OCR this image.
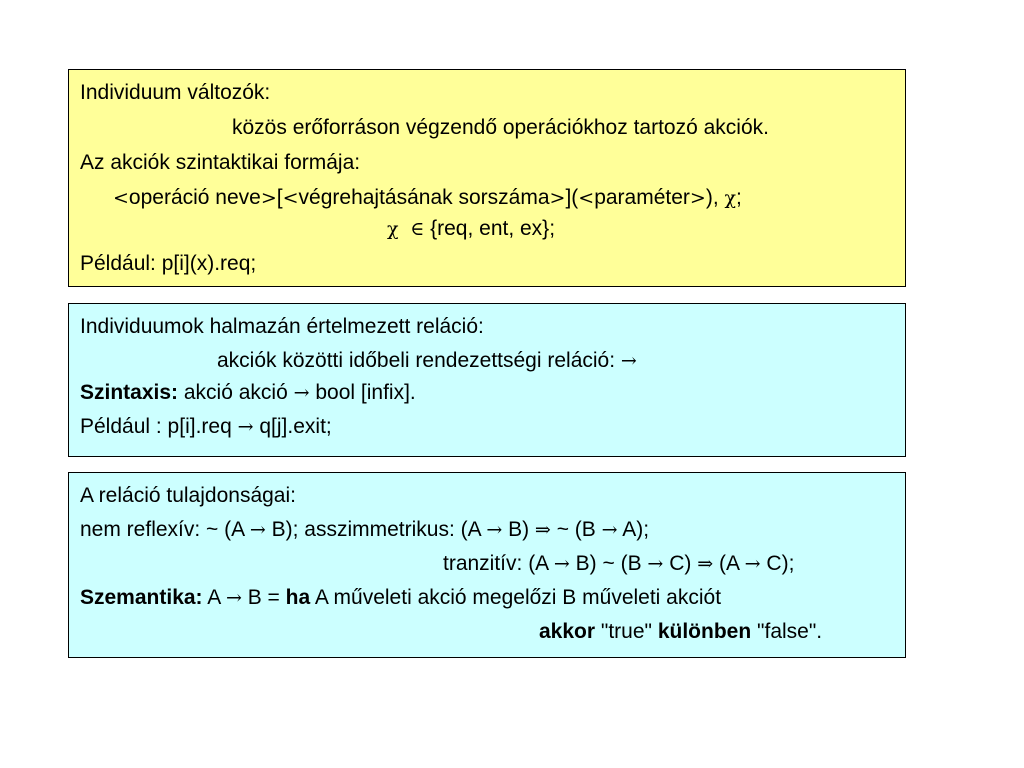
Individuum változók:
közös erőforráson végzendő operációkhoz tartozó akciók.
Az akciók szintaktikai formája:
<operáció neve>[<végrehajtásának sorszáma>](<paraméter>), χ;
χ ∈ {req, ent, ex};
Például: p[i](x).req;
Individuumok halmazán értelmezett reláció:
akciók közötti időbeli rendezettségi reláció: →
Szintaxis: akció akció → bool [infix].
Például : p[i].req → q[j].exit;
A reláció tulajdonságai:
nem reflexív: ~ (A → B); asszimmetrikus: (A → B) ⇒ ~ (B → A);
tranzitív: (A → B) ~ (B → C) ⇒ (A → C);
Szemantika: A → B = ha A műveleti akció megelőzi B műveleti akciót
akkor "true" különben "false".
